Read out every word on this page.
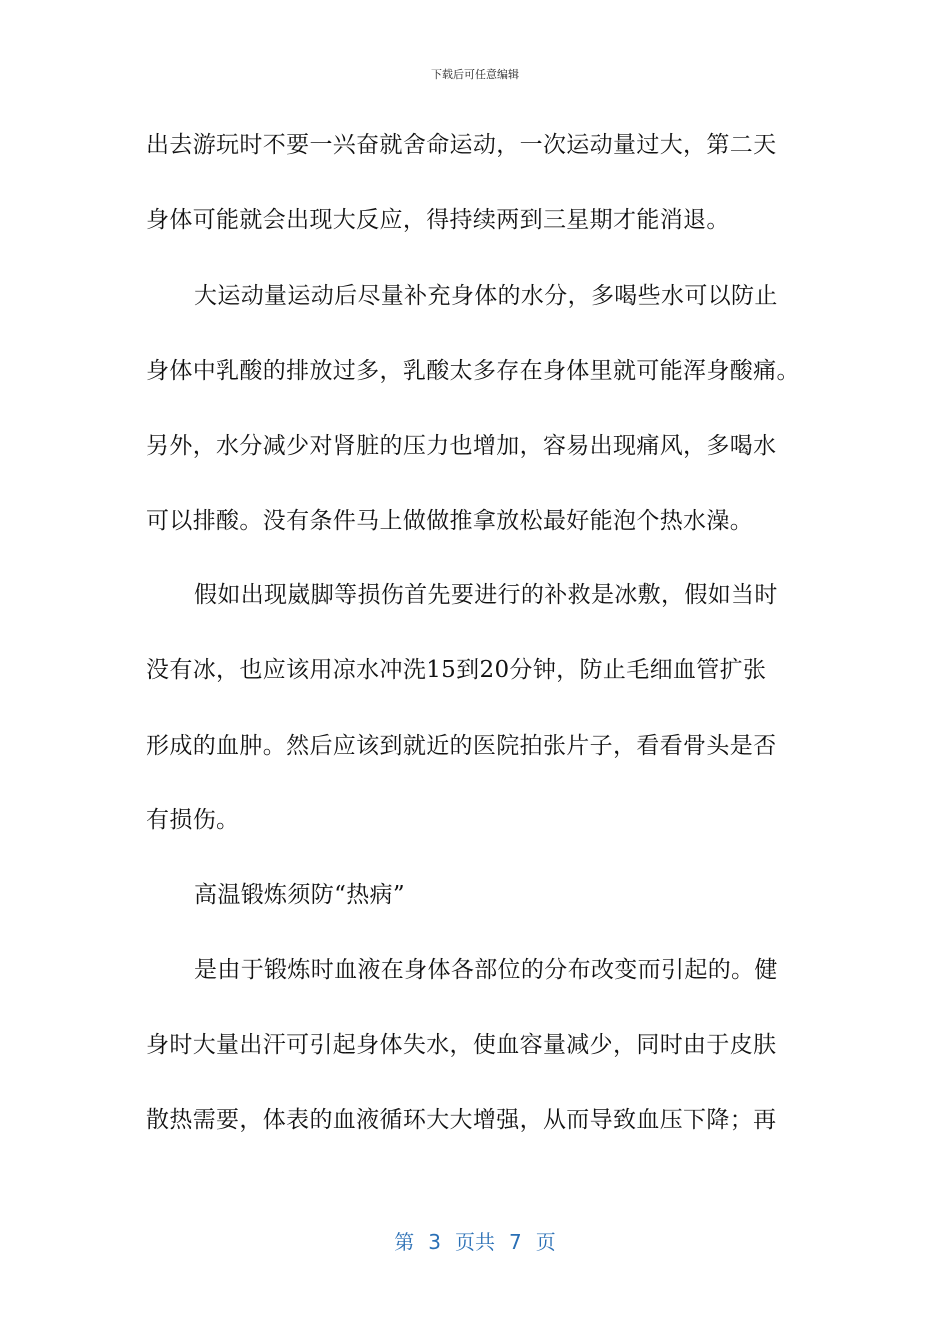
下载后可任意编辑
出去游玩时不要一兴奋就舍命运动，一次运动量过大，第二天
身体可能就会出现大反应，得持续两到三星期才能消退。
大运动量运动后尽量补充身体的水分，多喝些水可以防止
身体中乳酸的排放过多，乳酸太多存在身体里就可能浑身酸痛。
另外，水分减少对肾脏的压力也增加，容易出现痛风，多喝水
可以排酸。没有条件马上做做推拿放松最好能泡个热水澡。
假如出现崴脚等损伤首先要进行的补救是冰敷，假如当时
没有冰，也应该用凉水冲洗15到20分钟，防止毛细血管扩张
形成的血肿。然后应该到就近的医院拍张片子，看看骨头是否
有损伤。
高温锻炼须防“热病”
是由于锻炼时血液在身体各部位的分布改变而引起的。健
身时大量出汗可引起身体失水，使血容量减少，同时由于皮肤
散热需要，体表的血液循环大大增强，从而导致血压下降；再
第 3 页共 7 页
